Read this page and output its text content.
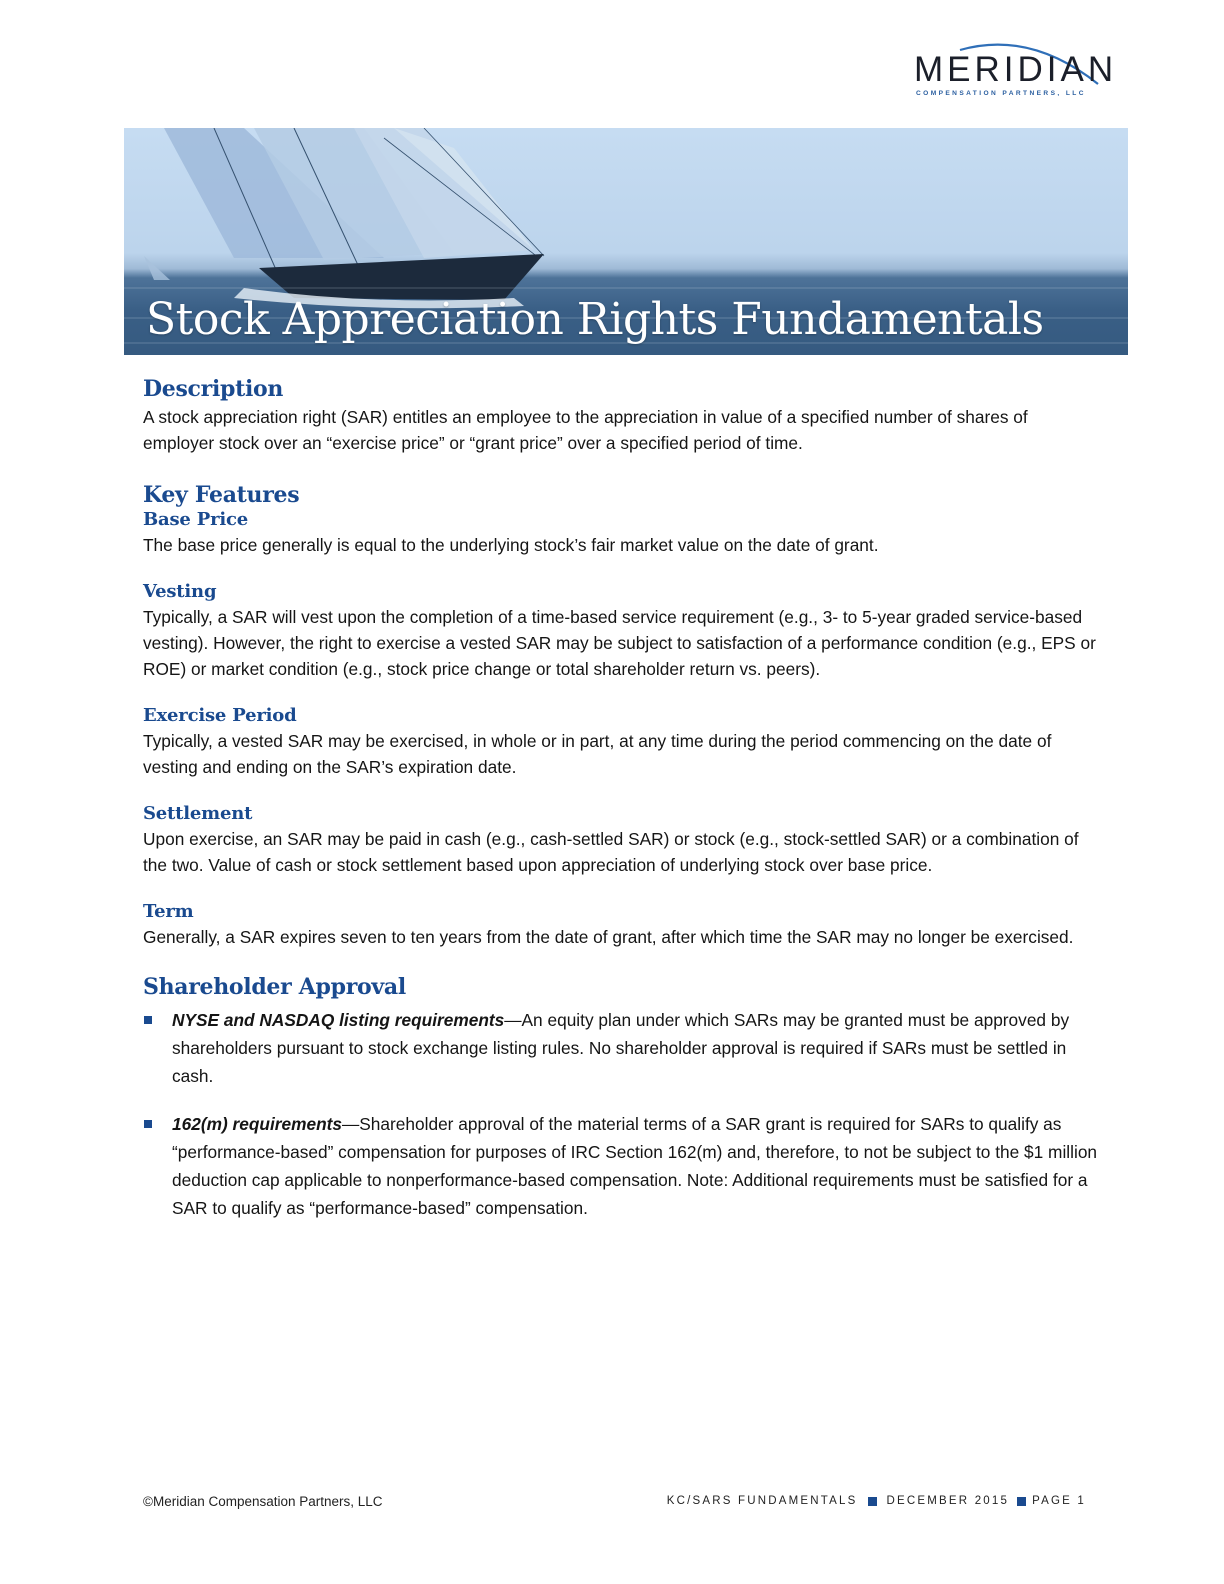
MERIDIAN
COMPENSATION PARTNERS, LLC
Stock Appreciation Rights Fundamentals
Description

A stock appreciation right (SAR) entitles an employee to the appreciation in value of a specified number of shares of employer stock over an “exercise price” or “grant price” over a specified period of time.

Key Features
Base Price

The base price generally is equal to the underlying stock’s fair market value on the date of grant.

Vesting

Typically, a SAR will vest upon the completion of a time-based service requirement (e.g., 3- to 5-year graded service-based vesting). However, the right to exercise a vested SAR may be subject to satisfaction of a performance condition (e.g., EPS or ROE) or market condition (e.g., stock price change or total shareholder return vs. peers).

Exercise Period

Typically, a vested SAR may be exercised, in whole or in part, at any time during the period commencing on the date of vesting and ending on the SAR’s expiration date.

Settlement

Upon exercise, an SAR may be paid in cash (e.g., cash-settled SAR) or stock (e.g., stock-settled SAR) or a combination of the two. Value of cash or stock settlement based upon appreciation of underlying stock over base price.

Term

Generally, a SAR expires seven to ten years from the date of grant, after which time the SAR may no longer be exercised.

Shareholder Approval
NYSE and NASDAQ listing requirements—An equity plan under which SARs may be granted must be approved by shareholders pursuant to stock exchange listing rules. No shareholder approval is required if SARs must be settled in cash.
162(m) requirements—Shareholder approval of the material terms of a SAR grant is required for SARs to qualify as “performance-based” compensation for purposes of IRC Section 162(m) and, therefore, to not be subject to the $1 million deduction cap applicable to nonperformance-based compensation. Note: Additional requirements must be satisfied for a SAR to qualify as “performance-based” compensation.
©Meridian Compensation Partners, LLC	KC/SARS FUNDAMENTALS	DECEMBER 2015 PAGE 1
